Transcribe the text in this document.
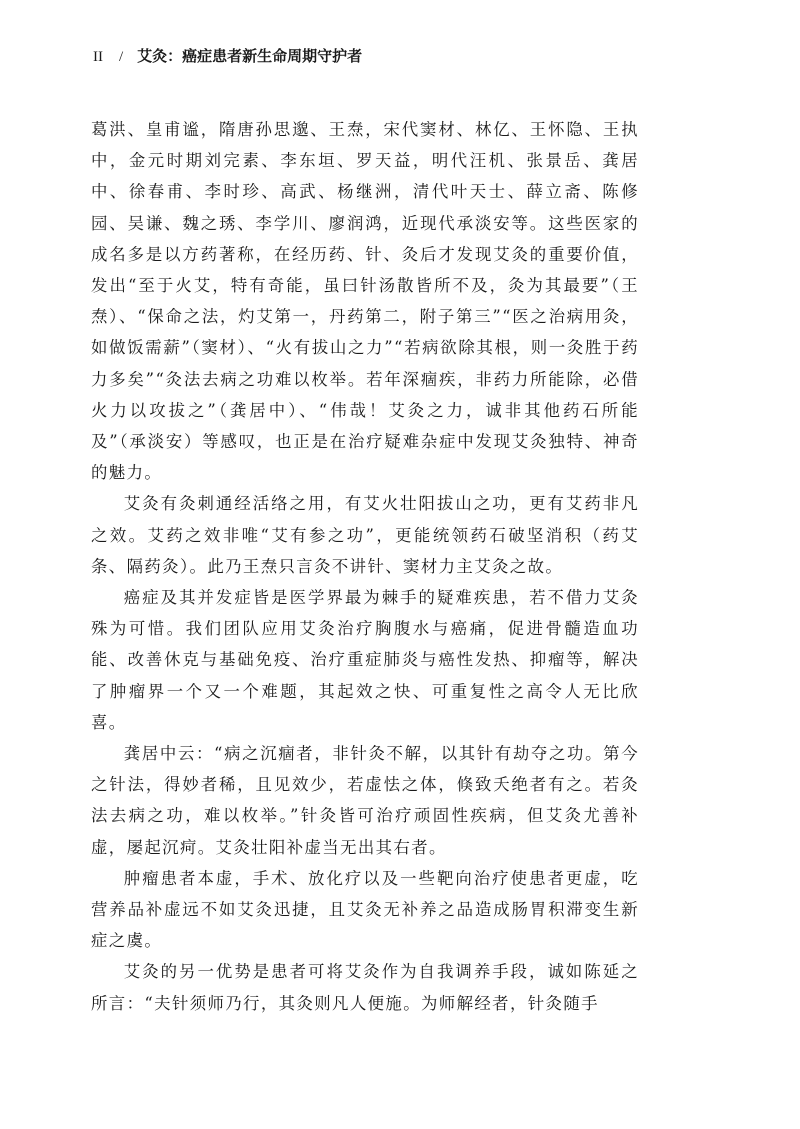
II / 艾灸：癌症患者新生命周期守护者

葛洪、皇甫谧，隋唐孙思邈、王焘，宋代窦材、林亿、王怀隐、王执中，金元时期刘完素、李东垣、罗天益，明代汪机、张景岳、龚居中、徐春甫、李时珍、高武、杨继洲，清代叶天士、薛立斋、陈修园、吴谦、魏之琇、李学川、廖润鸿，近现代承淡安等。这些医家的成名多是以方药著称，在经历药、针、灸后才发现艾灸的重要价值，发出“至于火艾，特有奇能，虽曰针汤散皆所不及，灸为其最要”（王焘）、“保命之法，灼艾第一，丹药第二，附子第三”“医之治病用灸，如做饭需薪”（窦材）、“火有拔山之力”“若病欲除其根，则一灸胜于药力多矣”“灸法去病之功难以枚举。若年深痼疾，非药力所能除，必借火力以攻拔之”（龚居中）、“伟哉！艾灸之力，诚非其他药石所能及”（承淡安）等感叹，也正是在治疗疑难杂症中发现艾灸独特、神奇的魅力。

艾灸有灸刺通经活络之用，有艾火壮阳拔山之功，更有艾药非凡之效。艾药之效非唯“艾有参之功”，更能统领药石破坚消积（药艾条、隔药灸）。此乃王焘只言灸不讲针、窦材力主艾灸之故。

癌症及其并发症皆是医学界最为棘手的疑难疾患，若不借力艾灸殊为可惜。我们团队应用艾灸治疗胸腹水与癌痛，促进骨髓造血功能、改善休克与基础免疫、治疗重症肺炎与癌性发热、抑瘤等，解决了肿瘤界一个又一个难题，其起效之快、可重复性之高令人无比欣喜。

龚居中云：“病之沉痼者，非针灸不解，以其针有劫夺之功。第今之针法，得妙者稀，且见效少，若虚怯之体，倏致夭绝者有之。若灸法去病之功，难以枚举。”针灸皆可治疗顽固性疾病，但艾灸尤善补虚，屡起沉疴。艾灸壮阳补虚当无出其右者。

肿瘤患者本虚，手术、放化疗以及一些靶向治疗使患者更虚，吃营养品补虚远不如艾灸迅捷，且艾灸无补养之品造成肠胃积滞变生新症之虞。

艾灸的另一优势是患者可将艾灸作为自我调养手段，诚如陈延之所言：“夫针须师乃行，其灸则凡人便施。为师解经者，针灸随手
